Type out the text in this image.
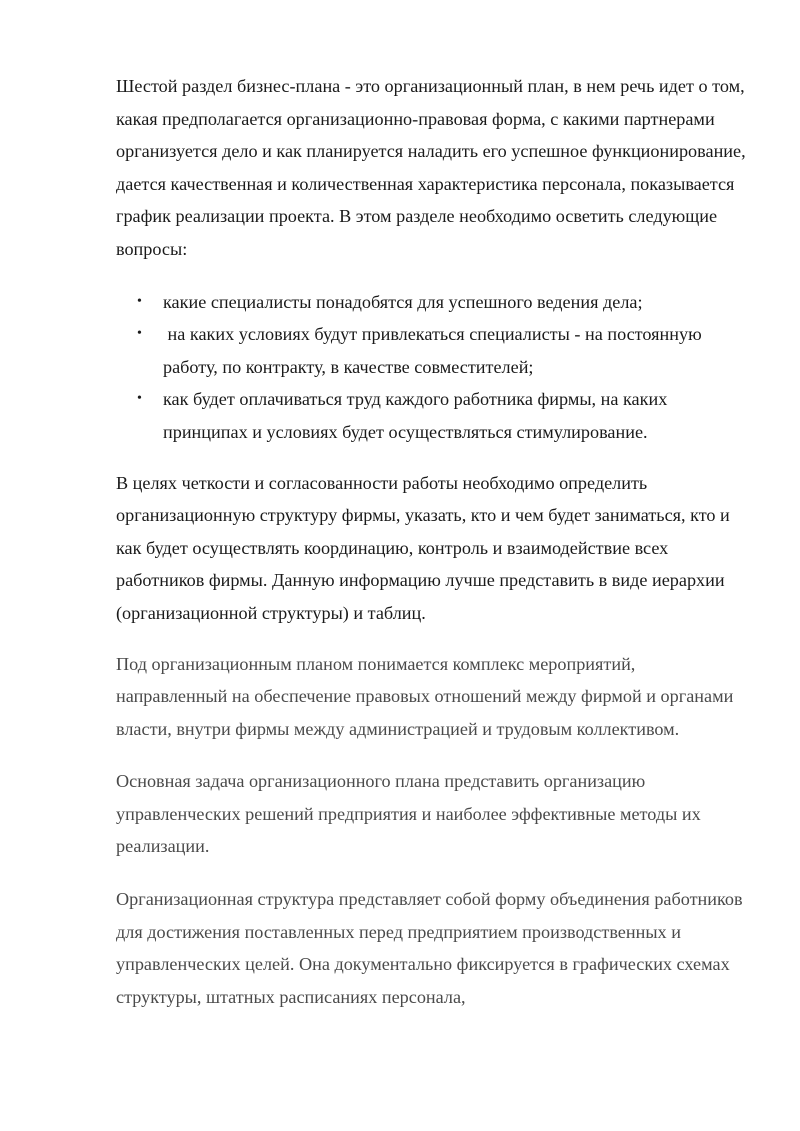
Шестой раздел бизнес-плана - это организационный план, в нем речь идет о том, какая предполагается организационно-правовая форма, с какими партнерами организуется дело и как планируется наладить его успешное функционирование, дается качественная и количественная характеристика персонала, показывается график реализации проекта. В этом разделе необходимо осветить следующие вопросы:

• какие специалисты понадобятся для успешного ведения дела;
• на каких условиях будут привлекаться специалисты - на постоянную работу, по контракту, в качестве совместителей;
• как будет оплачиваться труд каждого работника фирмы, на каких принципах и условиях будет осуществляться стимулирование.

В целях четкости и согласованности работы необходимо определить организационную структуру фирмы, указать, кто и чем будет заниматься, кто и как будет осуществлять координацию, контроль и взаимодействие всех работников фирмы. Данную информацию лучше представить в виде иерархии (организационной структуры) и таблиц.

Под организационным планом понимается комплекс мероприятий, направленный на обеспечение правовых отношений между фирмой и органами власти, внутри фирмы между администрацией и трудовым коллективом.

Основная задача организационного плана представить организацию управленческих решений предприятия и наиболее эффективные методы их реализации.

Организационная структура представляет собой форму объединения работников для достижения поставленных перед предприятием производственных и управленческих целей. Она документально фиксируется в графических схемах структуры, штатных расписаниях персонала,
